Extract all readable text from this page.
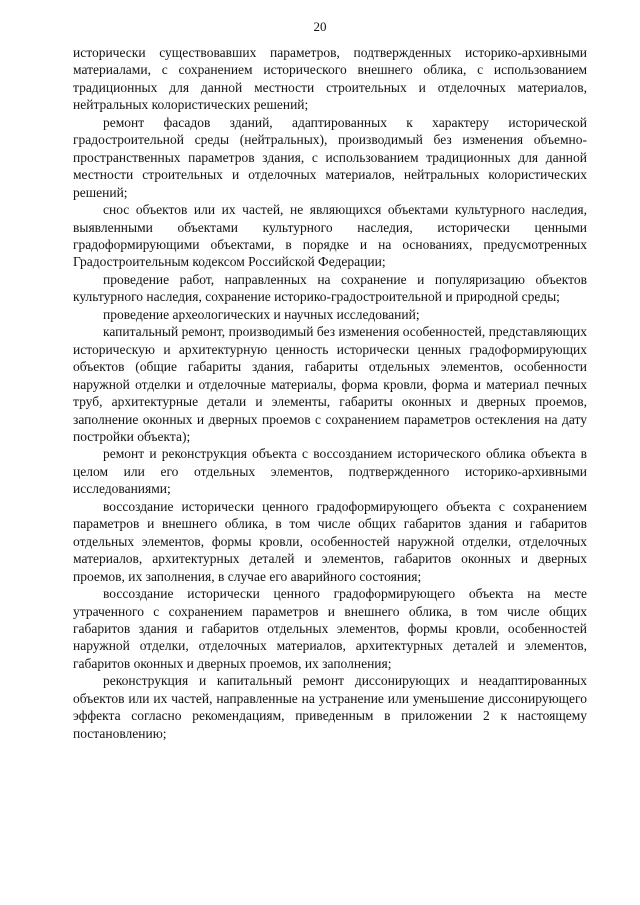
20

исторически существовавших параметров, подтвержденных историко-архивными материалами, с сохранением исторического внешнего облика, с использованием традиционных для данной местности строительных и отделочных материалов, нейтральных колористических решений;

ремонт фасадов зданий, адаптированных к характеру исторической градостроительной среды (нейтральных), производимый без изменения объемно-пространственных параметров здания, с использованием традиционных для данной местности строительных и отделочных материалов, нейтральных колористических решений;

снос объектов или их частей, не являющихся объектами культурного наследия, выявленными объектами культурного наследия, исторически ценными градоформирующими объектами, в порядке и на основаниях, предусмотренных Градостроительным кодексом Российской Федерации;

проведение работ, направленных на сохранение и популяризацию объектов культурного наследия, сохранение историко-градостроительной и природной среды;

проведение археологических и научных исследований;

капитальный ремонт, производимый без изменения особенностей, представляющих историческую и архитектурную ценность исторически ценных градоформирующих объектов (общие габариты здания, габариты отдельных элементов, особенности наружной отделки и отделочные материалы, форма кровли, форма и материал печных труб, архитектурные детали и элементы, габариты оконных и дверных проемов, заполнение оконных и дверных проемов с сохранением параметров остекления на дату постройки объекта);

ремонт и реконструкция объекта с воссозданием исторического облика объекта в целом или его отдельных элементов, подтвержденного историко-архивными исследованиями;

воссоздание исторически ценного градоформирующего объекта с сохранением параметров и внешнего облика, в том числе общих габаритов здания и габаритов отдельных элементов, формы кровли, особенностей наружной отделки, отделочных материалов, архитектурных деталей и элементов, габаритов оконных и дверных проемов, их заполнения, в случае его аварийного состояния;

воссоздание исторически ценного градоформирующего объекта на месте утраченного с сохранением параметров и внешнего облика, в том числе общих габаритов здания и габаритов отдельных элементов, формы кровли, особенностей наружной отделки, отделочных материалов, архитектурных деталей и элементов, габаритов оконных и дверных проемов, их заполнения;

реконструкция и капитальный ремонт диссонирующих и неадаптированных объектов или их частей, направленные на устранение или уменьшение диссонирующего эффекта согласно рекомендациям, приведенным в приложении 2 к настоящему постановлению;
